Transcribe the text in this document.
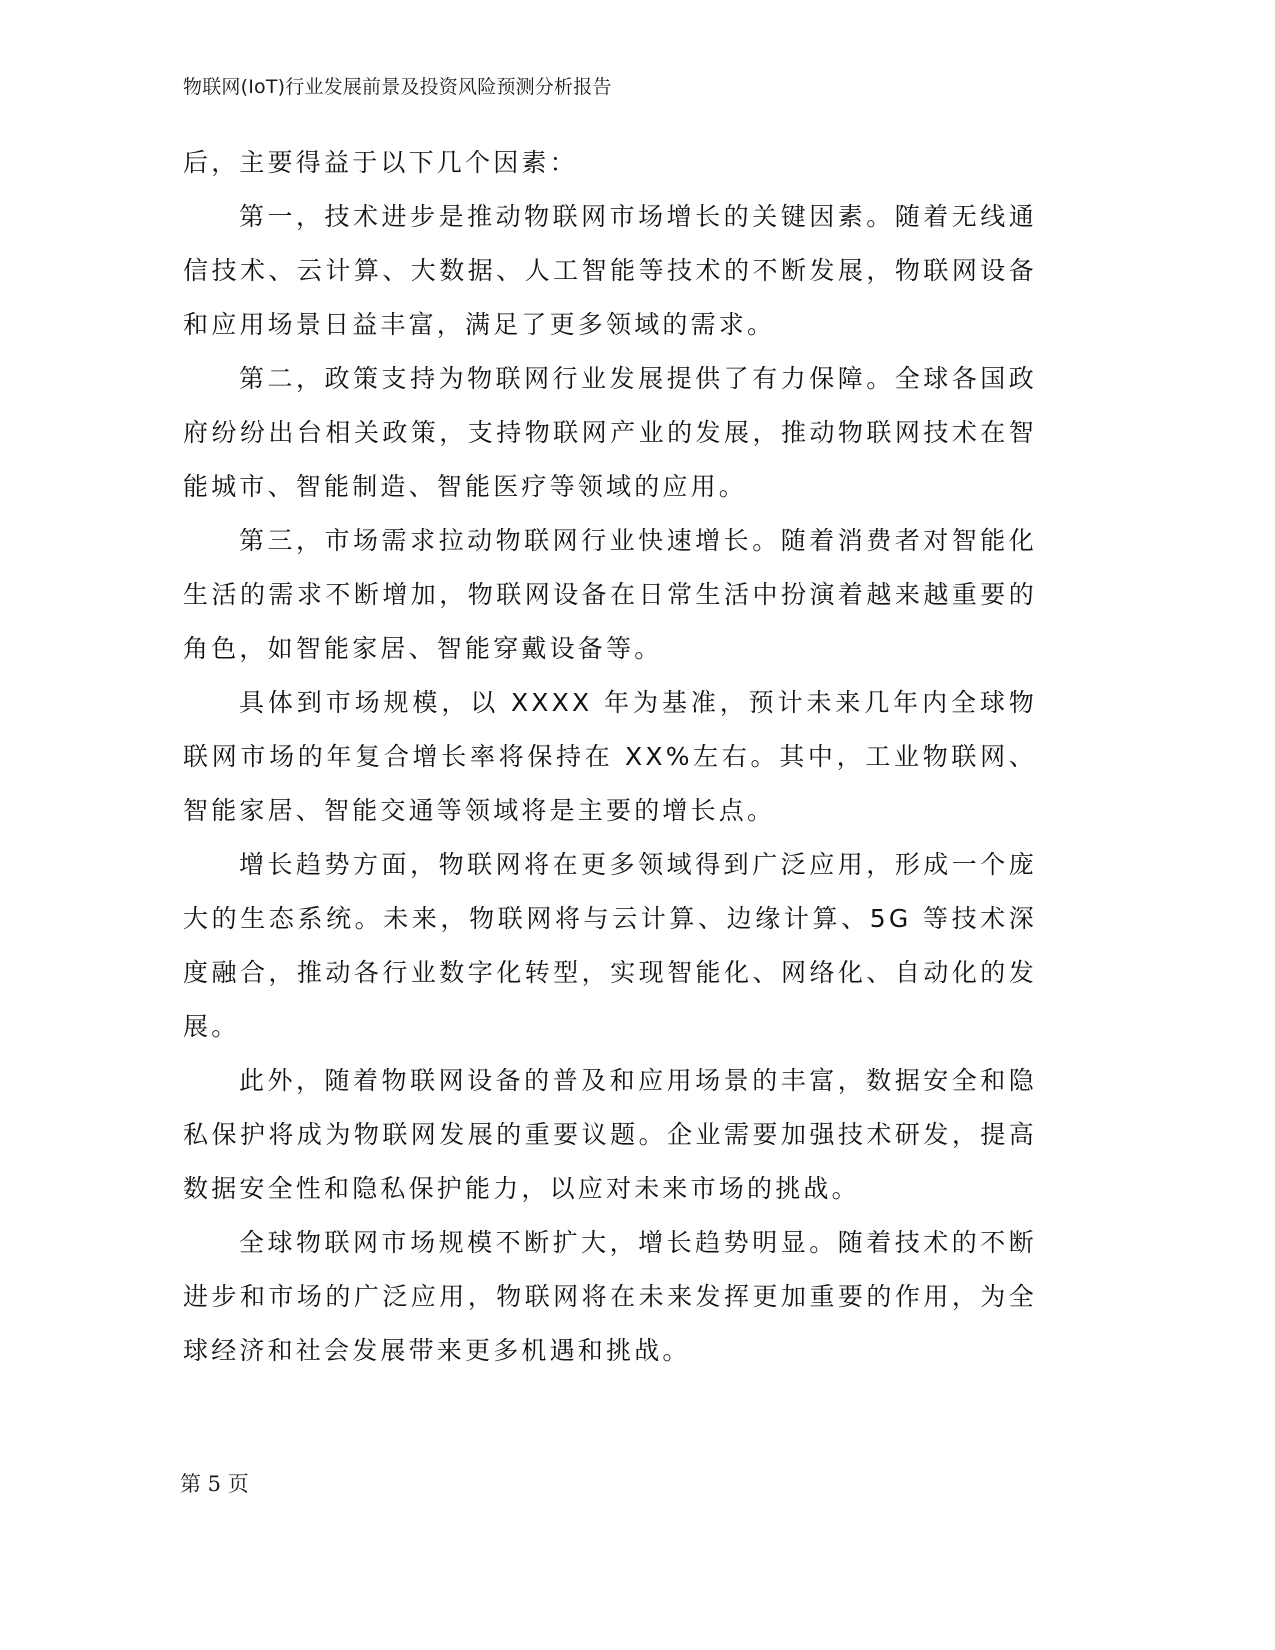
物联网(IoT)行业发展前景及投资风险预测分析报告

后，主要得益于以下几个因素：

第一，技术进步是推动物联网市场增长的关键因素。随着无线通信技术、云计算、大数据、人工智能等技术的不断发展，物联网设备和应用场景日益丰富，满足了更多领域的需求。

第二，政策支持为物联网行业发展提供了有力保障。全球各国政府纷纷出台相关政策，支持物联网产业的发展，推动物联网技术在智能城市、智能制造、智能医疗等领域的应用。

第三，市场需求拉动物联网行业快速增长。随着消费者对智能化生活的需求不断增加，物联网设备在日常生活中扮演着越来越重要的角色，如智能家居、智能穿戴设备等。

具体到市场规模，以 XXXX 年为基准，预计未来几年内全球物联网市场的年复合增长率将保持在 XX%左右。其中，工业物联网、智能家居、智能交通等领域将是主要的增长点。

增长趋势方面，物联网将在更多领域得到广泛应用，形成一个庞大的生态系统。未来，物联网将与云计算、边缘计算、5G 等技术深度融合，推动各行业数字化转型，实现智能化、网络化、自动化的发展。

此外，随着物联网设备的普及和应用场景的丰富，数据安全和隐私保护将成为物联网发展的重要议题。企业需要加强技术研发，提高数据安全性和隐私保护能力，以应对未来市场的挑战。

全球物联网市场规模不断扩大，增长趋势明显。随着技术的不断进步和市场的广泛应用，物联网将在未来发挥更加重要的作用，为全球经济和社会发展带来更多机遇和挑战。

第 5 页
